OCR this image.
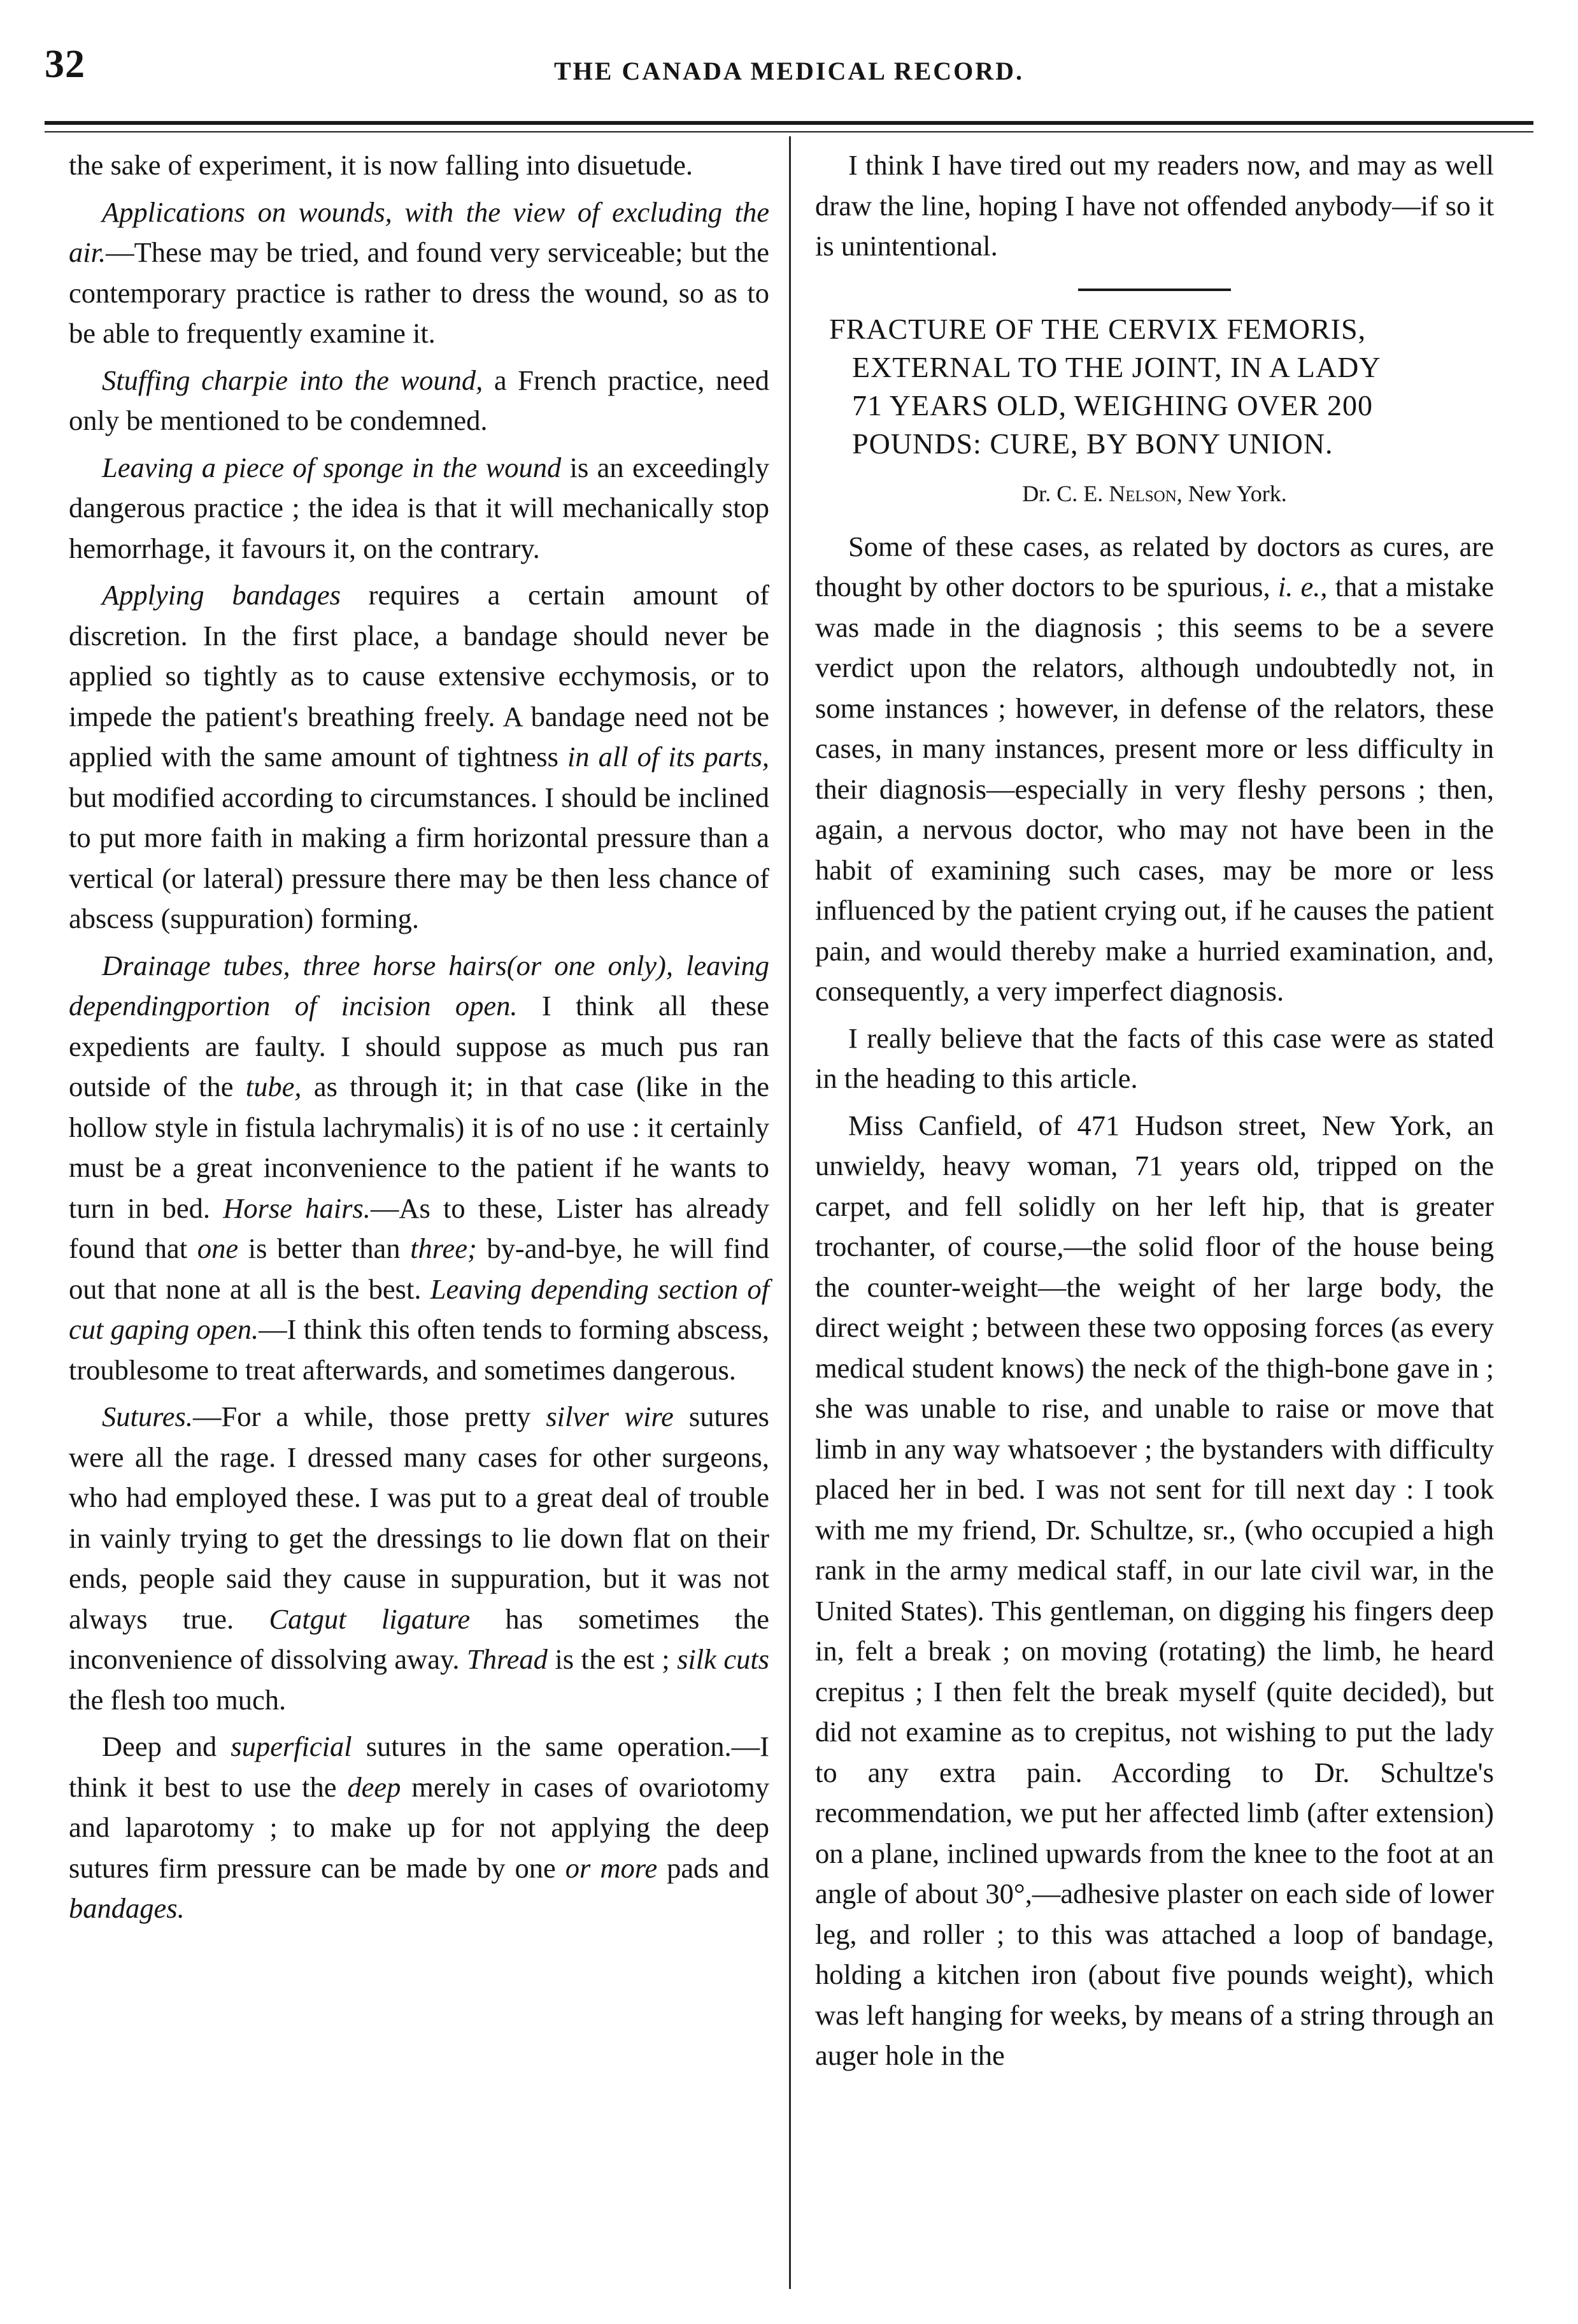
32	THE CANADA MEDICAL RECORD.

the sake of experiment, it is now falling into disuetude.

Applications on wounds, with the view of excluding the air.—These may be tried, and found very serviceable; but the contemporary practice is rather to dress the wound, so as to be able to frequently examine it.

Stuffing charpie into the wound, a French practice, need only be mentioned to be condemned.

Leaving a piece of sponge in the wound is an exceedingly dangerous practice ; the idea is that it will mechanically stop hemorrhage, it favours it, on the contrary.

Applying bandages requires a certain amount of discretion. In the first place, a bandage should never be applied so tightly as to cause extensive ecchymosis, or to impede the patient's breathing freely. A bandage need not be applied with the same amount of tightness in all of its parts, but modified according to circumstances. I should be inclined to put more faith in making a firm horizontal pressure than a vertical (or lateral) pressure there may be then less chance of abscess (suppuration) forming.

Drainage tubes, three horse hairs(or one only), leaving dependingportion of incision open. I think all these expedients are faulty. I should suppose as much pus ran outside of the tube, as through it; in that case (like in the hollow style in fistula lachrymalis) it is of no use : it certainly must be a great inconvenience to the patient if he wants to turn in bed. Horse hairs.—As to these, Lister has already found that one is better than three; by-and-bye, he will find out that none at all is the best. Leaving depending section of cut gaping open.—I think this often tends to forming abscess, troublesome to treat afterwards, and sometimes dangerous.

Sutures.—For a while, those pretty silver wire sutures were all the rage. I dressed many cases for other surgeons, who had employed these. I was put to a great deal of trouble in vainly trying to get the dressings to lie down flat on their ends, people said they cause in suppuration, but it was not always true. Catgut ligature has sometimes the inconvenience of dissolving away. Thread is the est ; silk cuts the flesh too much.

Deep and superficial sutures in the same operation.—I think it best to use the deep merely in cases of ovariotomy and laparotomy ; to make up for not applying the deep sutures firm pressure can be made by one or more pads and bandages.

I think I have tired out my readers now, and may as well draw the line, hoping I have not offended anybody—if so it is unintentional.

FRACTURE OF THE CERVIX FEMORIS,
EXTERNAL TO THE JOINT, IN A LADY
71 YEARS OLD, WEIGHING OVER 200
POUNDS: CURE, BY BONY UNION.
Dr. C. E. Nelson, New York.

Some of these cases, as related by doctors as cures, are thought by other doctors to be spurious, i. e., that a mistake was made in the diagnosis ; this seems to be a severe verdict upon the relators, although undoubtedly not, in some instances ; however, in defense of the relators, these cases, in many instances, present more or less difficulty in their diagnosis—especially in very fleshy persons ; then, again, a nervous doctor, who may not have been in the habit of examining such cases, may be more or less influenced by the patient crying out, if he causes the patient pain, and would thereby make a hurried examination, and, consequently, a very imperfect diagnosis.

I really believe that the facts of this case were as stated in the heading to this article.

Miss Canfield, of 471 Hudson street, New York, an unwieldy, heavy woman, 71 years old, tripped on the carpet, and fell solidly on her left hip, that is greater trochanter, of course,—the solid floor of the house being the counter-weight—the weight of her large body, the direct weight ; between these two opposing forces (as every medical student knows) the neck of the thigh-bone gave in ; she was unable to rise, and unable to raise or move that limb in any way whatsoever ; the bystanders with difficulty placed her in bed. I was not sent for till next day : I took with me my friend, Dr. Schultze, sr., (who occupied a high rank in the army medical staff, in our late civil war, in the United States). This gentleman, on digging his fingers deep in, felt a break ; on moving (rotating) the limb, he heard crepitus ; I then felt the break myself (quite decided), but did not examine as to crepitus, not wishing to put the lady to any extra pain. According to Dr. Schultze's recommendation, we put her affected limb (after extension) on a plane, inclined upwards from the knee to the foot at an angle of about 30°,—adhesive plaster on each side of lower leg, and roller ; to this was attached a loop of bandage, holding a kitchen iron (about five pounds weight), which was left hanging for weeks, by means of a string through an auger hole in the
